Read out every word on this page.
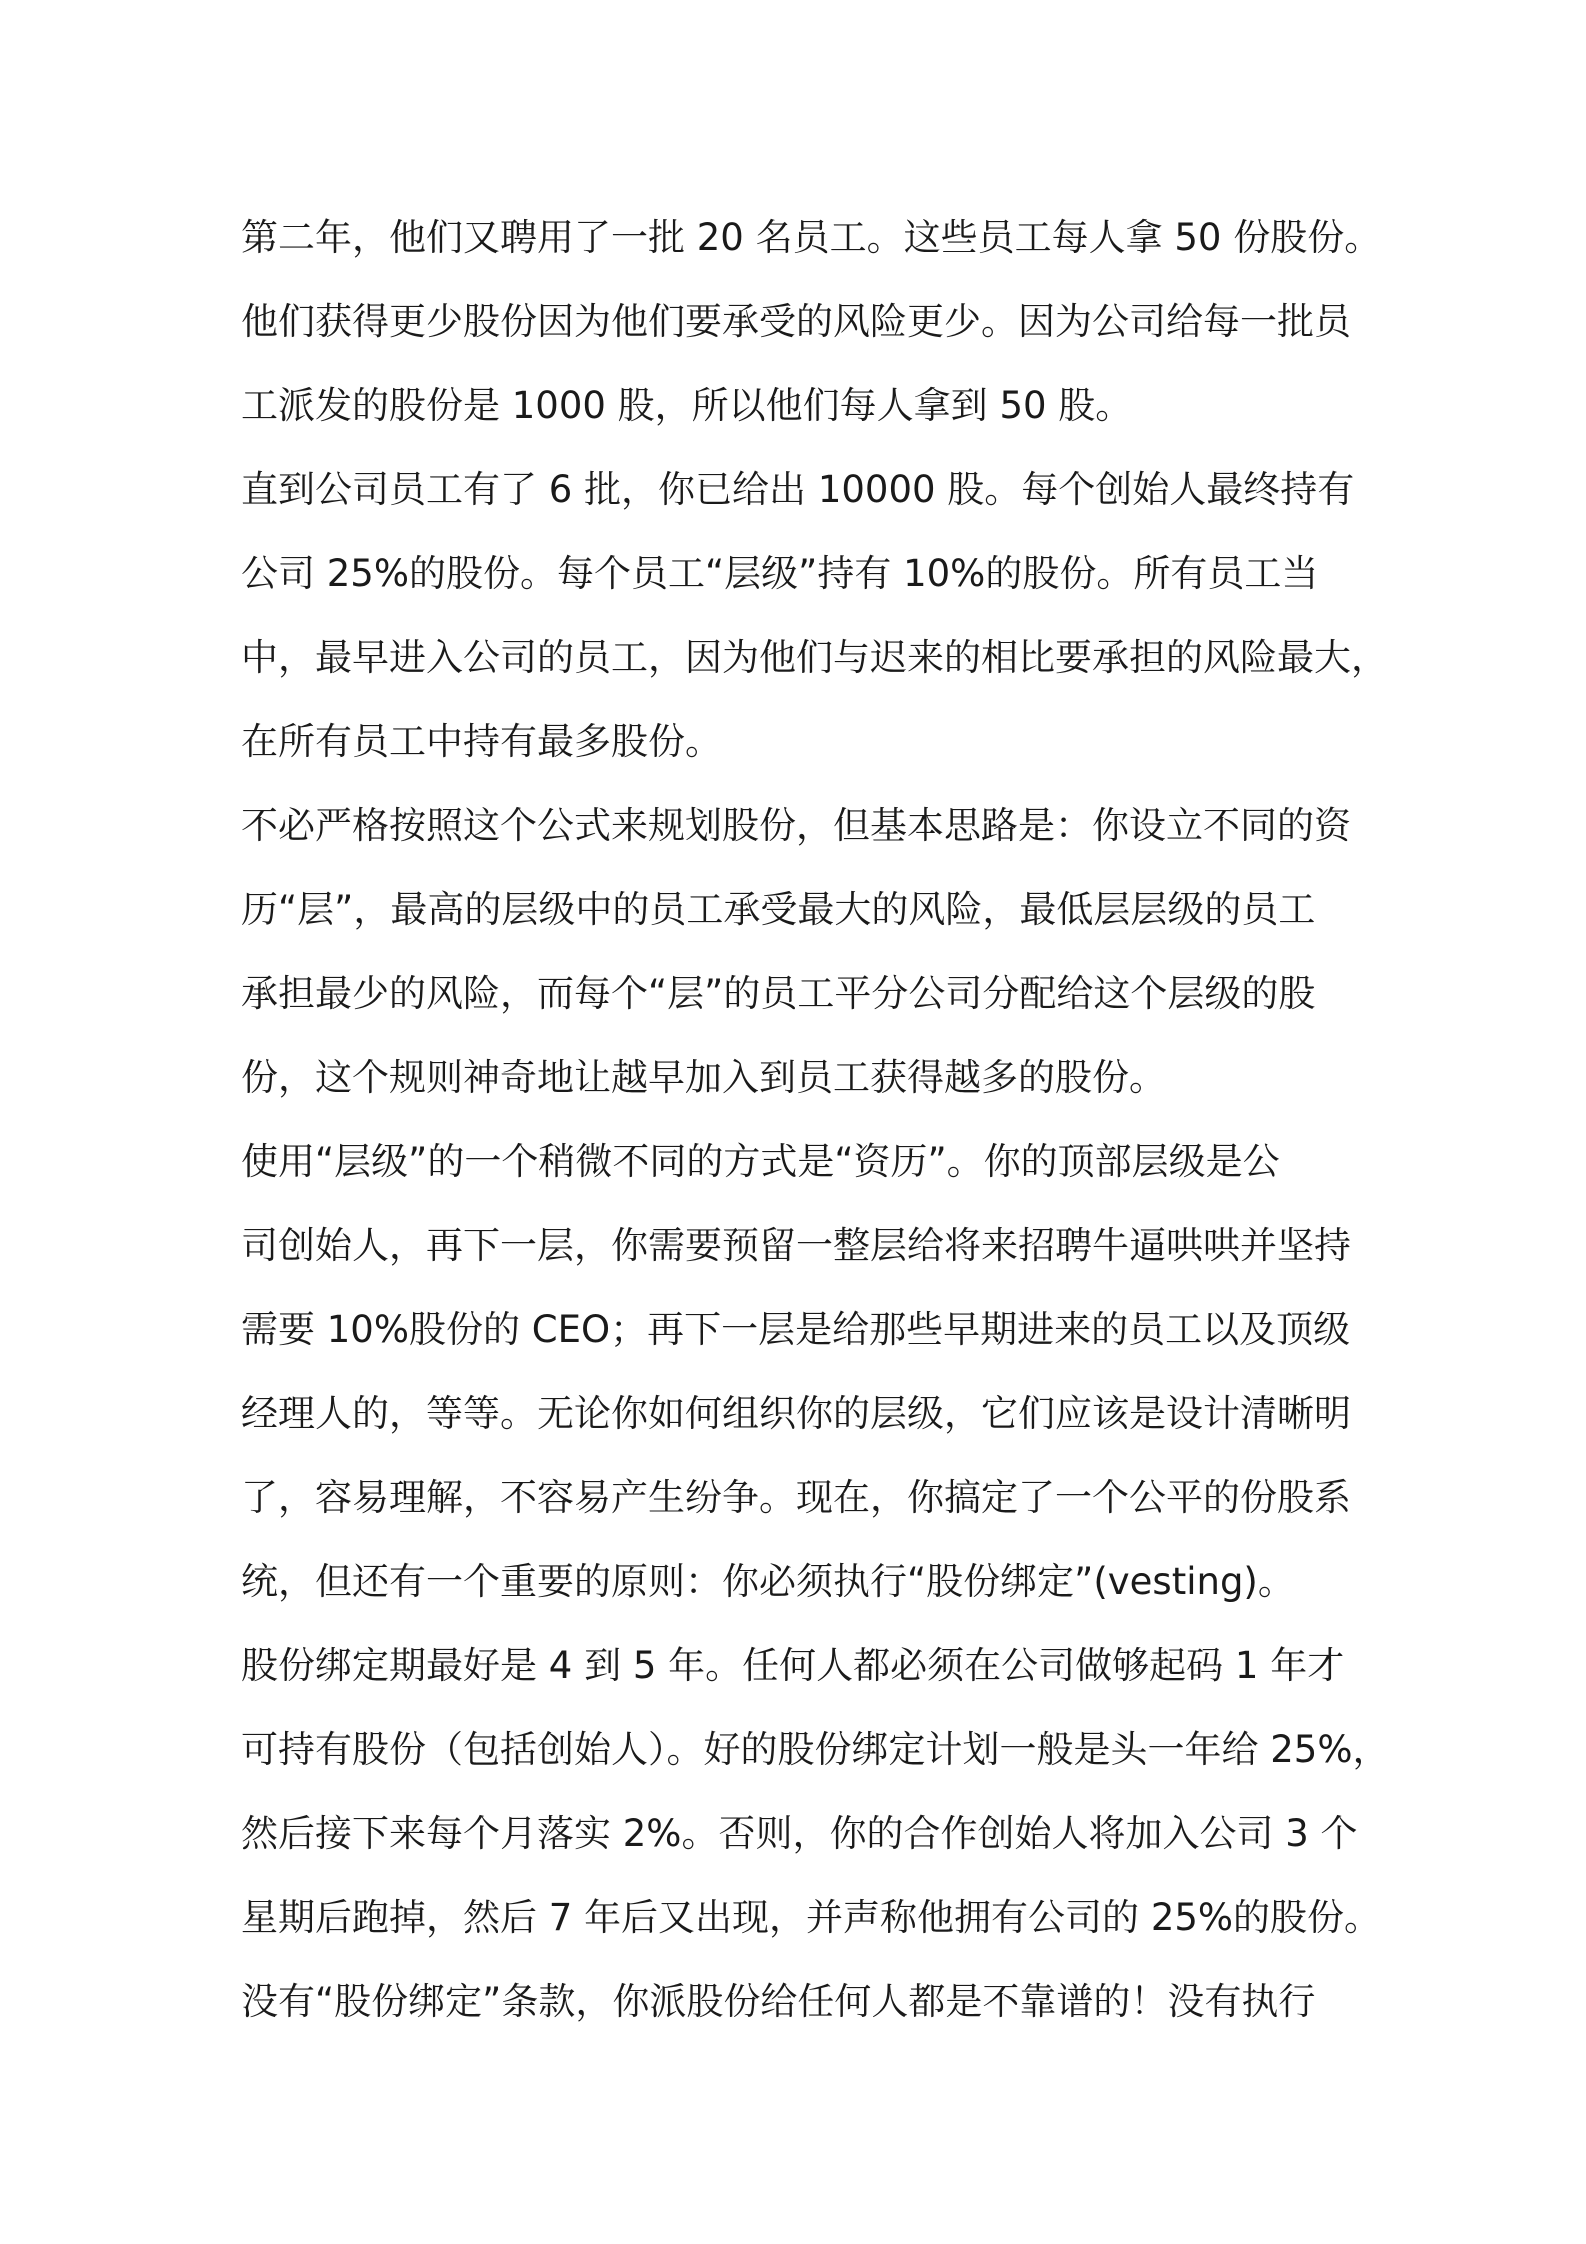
第二年，他们又聘用了一批 20 名员工。这些员工每人拿 50 份股份。
他们获得更少股份因为他们要承受的风险更少。因为公司给每一批员
工派发的股份是 1000 股，所以他们每人拿到 50 股。
直到公司员工有了 6 批，你已给出 10000 股。每个创始人最终持有
公司 25%的股份。每个员工“层级”持有 10%的股份。所有员工当
中，最早进入公司的员工，因为他们与迟来的相比要承担的风险最大，
在所有员工中持有最多股份。
不必严格按照这个公式来规划股份，但基本思路是：你设立不同的资
历“层”，最高的层级中的员工承受最大的风险，最低层层级的员工
承担最少的风险，而每个“层”的员工平分公司分配给这个层级的股
份，这个规则神奇地让越早加入到员工获得越多的股份。
使用“层级”的一个稍微不同的方式是“资历”。你的顶部层级是公
司创始人，再下一层，你需要预留一整层给将来招聘牛逼哄哄并坚持
需要 10%股份的 CEO；再下一层是给那些早期进来的员工以及顶级
经理人的，等等。无论你如何组织你的层级，它们应该是设计清晰明
了，容易理解，不容易产生纷争。现在，你搞定了一个公平的份股系
统，但还有一个重要的原则：你必须执行“股份绑定”(vesting)。
股份绑定期最好是 4 到 5 年。任何人都必须在公司做够起码 1 年才
可持有股份（包括创始人）。好的股份绑定计划一般是头一年给 25%，
然后接下来每个月落实 2%。否则，你的合作创始人将加入公司 3 个
星期后跑掉，然后 7 年后又出现，并声称他拥有公司的 25%的股份。
没有“股份绑定”条款，你派股份给任何人都是不靠谱的！没有执行
